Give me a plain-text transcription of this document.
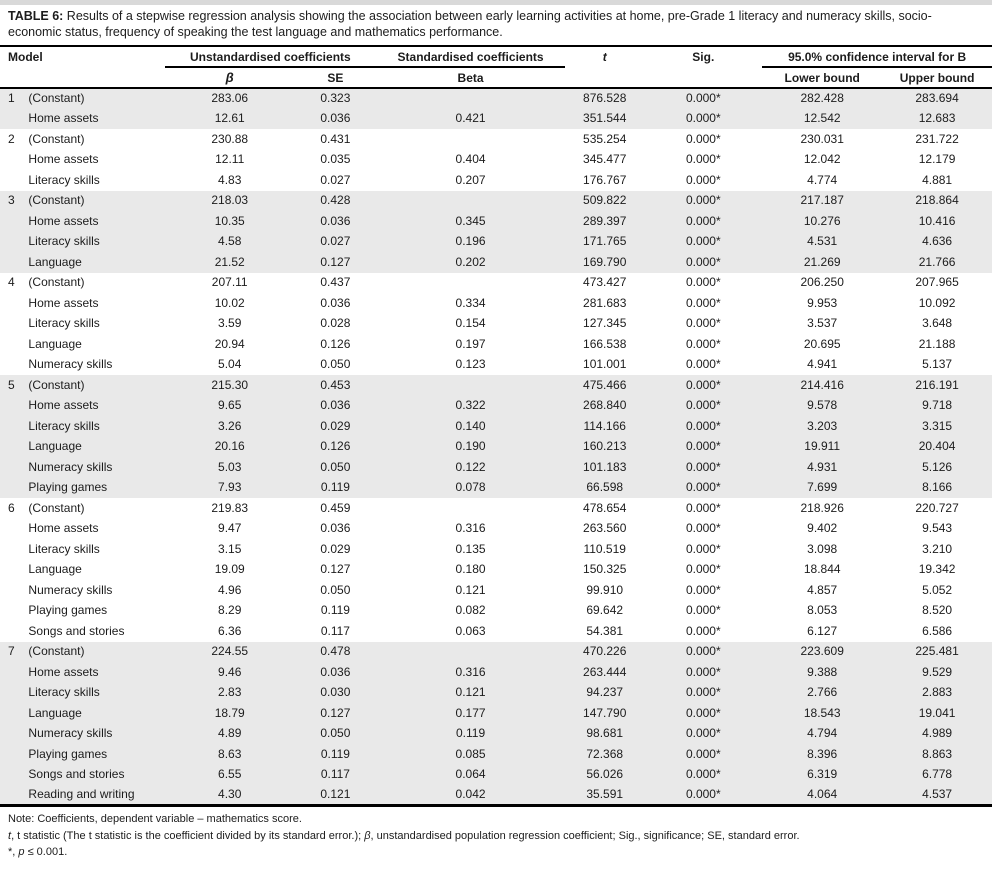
TABLE 6: Results of a stepwise regression analysis showing the association between early learning activities at home, pre-Grade 1 literacy and numeracy skills, socio-economic status, frequency of speaking the test language and mathematics performance.

Model		Unstandardised coefficients		Standardised coefficients	t	Sig.	95.0% confidence interval for B	
		β	SE	Beta			Lower bound	Upper bound
1	(Constant)	283.06	0.323		876.528	0.000*	282.428	283.694
	Home assets	12.61	0.036	0.421	351.544	0.000*	12.542	12.683
2	(Constant)	230.88	0.431		535.254	0.000*	230.031	231.722
	Home assets	12.11	0.035	0.404	345.477	0.000*	12.042	12.179
	Literacy skills	4.83	0.027	0.207	176.767	0.000*	4.774	4.881
3	(Constant)	218.03	0.428		509.822	0.000*	217.187	218.864
	Home assets	10.35	0.036	0.345	289.397	0.000*	10.276	10.416
	Literacy skills	4.58	0.027	0.196	171.765	0.000*	4.531	4.636
	Language	21.52	0.127	0.202	169.790	0.000*	21.269	21.766
4	(Constant)	207.11	0.437		473.427	0.000*	206.250	207.965
	Home assets	10.02	0.036	0.334	281.683	0.000*	9.953	10.092
	Literacy skills	3.59	0.028	0.154	127.345	0.000*	3.537	3.648
	Language	20.94	0.126	0.197	166.538	0.000*	20.695	21.188
	Numeracy skills	5.04	0.050	0.123	101.001	0.000*	4.941	5.137
5	(Constant)	215.30	0.453		475.466	0.000*	214.416	216.191
	Home assets	9.65	0.036	0.322	268.840	0.000*	9.578	9.718
	Literacy skills	3.26	0.029	0.140	114.166	0.000*	3.203	3.315
	Language	20.16	0.126	0.190	160.213	0.000*	19.911	20.404
	Numeracy skills	5.03	0.050	0.122	101.183	0.000*	4.931	5.126
	Playing games	7.93	0.119	0.078	66.598	0.000*	7.699	8.166
6	(Constant)	219.83	0.459		478.654	0.000*	218.926	220.727
	Home assets	9.47	0.036	0.316	263.560	0.000*	9.402	9.543
	Literacy skills	3.15	0.029	0.135	110.519	0.000*	3.098	3.210
	Language	19.09	0.127	0.180	150.325	0.000*	18.844	19.342
	Numeracy skills	4.96	0.050	0.121	99.910	0.000*	4.857	5.052
	Playing games	8.29	0.119	0.082	69.642	0.000*	8.053	8.520
	Songs and stories	6.36	0.117	0.063	54.381	0.000*	6.127	6.586
7	(Constant)	224.55	0.478		470.226	0.000*	223.609	225.481
	Home assets	9.46	0.036	0.316	263.444	0.000*	9.388	9.529
	Literacy skills	2.83	0.030	0.121	94.237	0.000*	2.766	2.883
	Language	18.79	0.127	0.177	147.790	0.000*	18.543	19.041
	Numeracy skills	4.89	0.050	0.119	98.681	0.000*	4.794	4.989
	Playing games	8.63	0.119	0.085	72.368	0.000*	8.396	8.863
	Songs and stories	6.55	0.117	0.064	56.026	0.000*	6.319	6.778
	Reading and writing	4.30	0.121	0.042	35.591	0.000*	4.064	4.537

Note: Coefficients, dependent variable – mathematics score.

t, t statistic (The t statistic is the coefficient divided by its standard error.); β, unstandardised population regression coefficient; Sig., significance; SE, standard error.

*, p ≤ 0.001.
